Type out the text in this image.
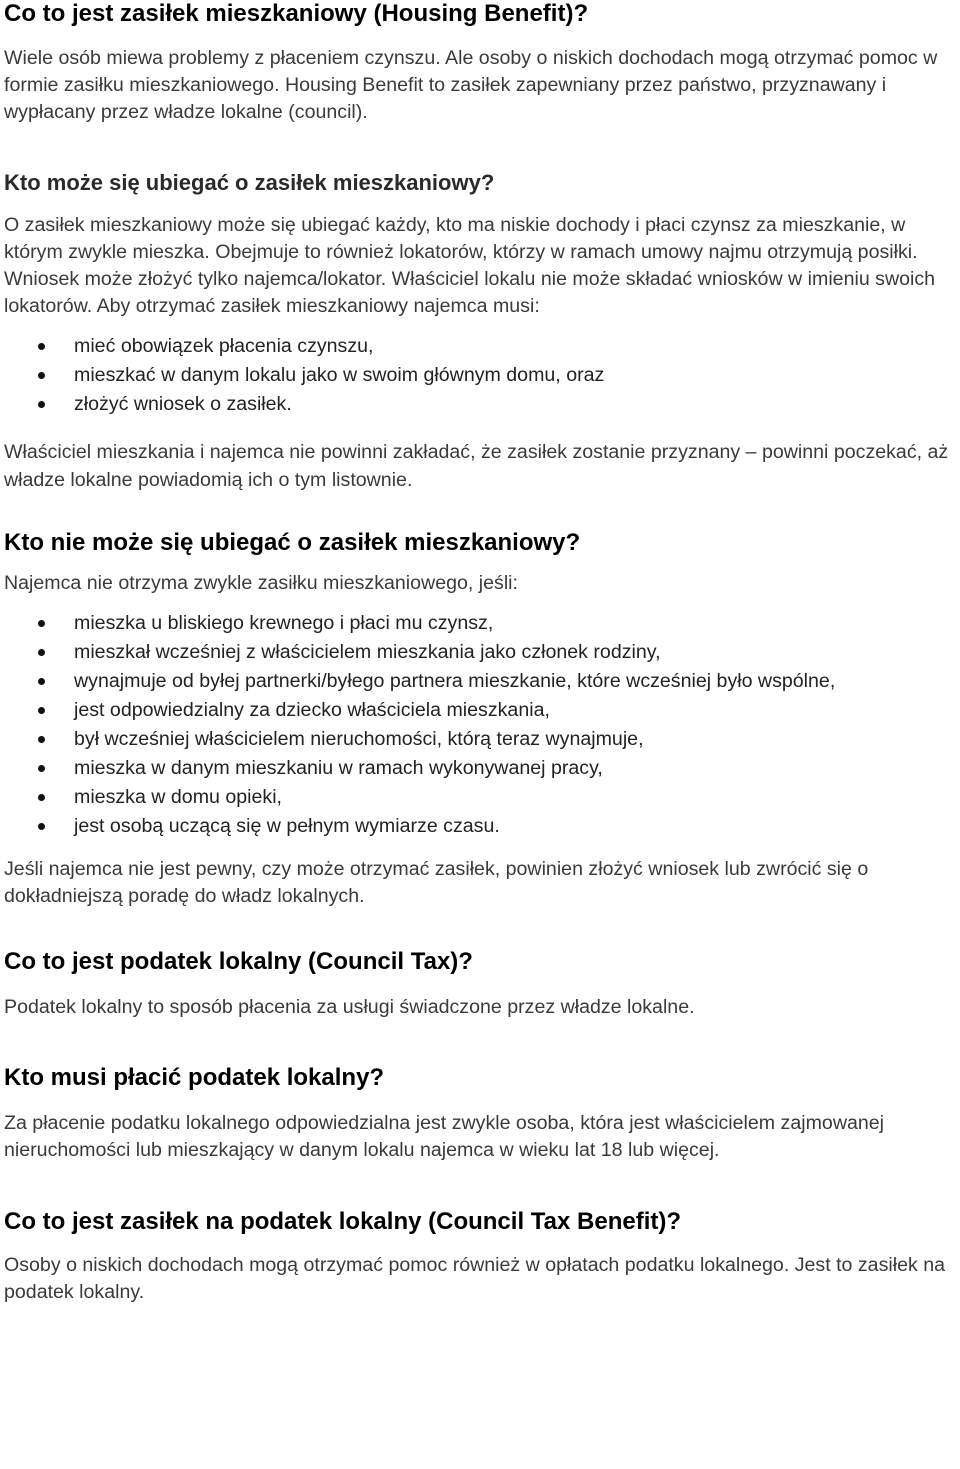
Co to jest zasiłek mieszkaniowy (Housing Benefit)?

Wiele osób miewa problemy z płaceniem czynszu. Ale osoby o niskich dochodach mogą otrzymać pomoc w formie zasiłku mieszkaniowego. Housing Benefit to zasiłek zapewniany przez państwo, przyznawany i wypłacany przez władze lokalne (council).

Kto może się ubiegać o zasiłek mieszkaniowy?

O zasiłek mieszkaniowy może się ubiegać każdy, kto ma niskie dochody i płaci czynsz za mieszkanie, w którym zwykle mieszka. Obejmuje to również lokatorów, którzy w ramach umowy najmu otrzymują posiłki. Wniosek może złożyć tylko najemca/lokator. Właściciel lokalu nie może składać wniosków w imieniu swoich lokatorów. Aby otrzymać zasiłek mieszkaniowy najemca musi:

mieć obowiązek płacenia czynszu,
mieszkać w danym lokalu jako w swoim głównym domu, oraz
złożyć wniosek o zasiłek.

Właściciel mieszkania i najemca nie powinni zakładać, że zasiłek zostanie przyznany – powinni poczekać, aż władze lokalne powiadomią ich o tym listownie.

Kto nie może się ubiegać o zasiłek mieszkaniowy?

Najemca nie otrzyma zwykle zasiłku mieszkaniowego, jeśli:

mieszka u bliskiego krewnego i płaci mu czynsz,
mieszkał wcześniej z właścicielem mieszkania jako członek rodziny,
wynajmuje od byłej partnerki/byłego partnera mieszkanie, które wcześniej było wspólne,
jest odpowiedzialny za dziecko właściciela mieszkania,
był wcześniej właścicielem nieruchomości, którą teraz wynajmuje,
mieszka w danym mieszkaniu w ramach wykonywanej pracy,
mieszka w domu opieki,
jest osobą uczącą się w pełnym wymiarze czasu.

Jeśli najemca nie jest pewny, czy może otrzymać zasiłek, powinien złożyć wniosek lub zwrócić się o dokładniejszą poradę do władz lokalnych.

Co to jest podatek lokalny (Council Tax)?

Podatek lokalny to sposób płacenia za usługi świadczone przez władze lokalne.

Kto musi płacić podatek lokalny?

Za płacenie podatku lokalnego odpowiedzialna jest zwykle osoba, która jest właścicielem zajmowanej nieruchomości lub mieszkający w danym lokalu najemca w wieku lat 18 lub więcej.

Co to jest zasiłek na podatek lokalny (Council Tax Benefit)?

Osoby o niskich dochodach mogą otrzymać pomoc również w opłatach podatku lokalnego. Jest to zasiłek na podatek lokalny.
